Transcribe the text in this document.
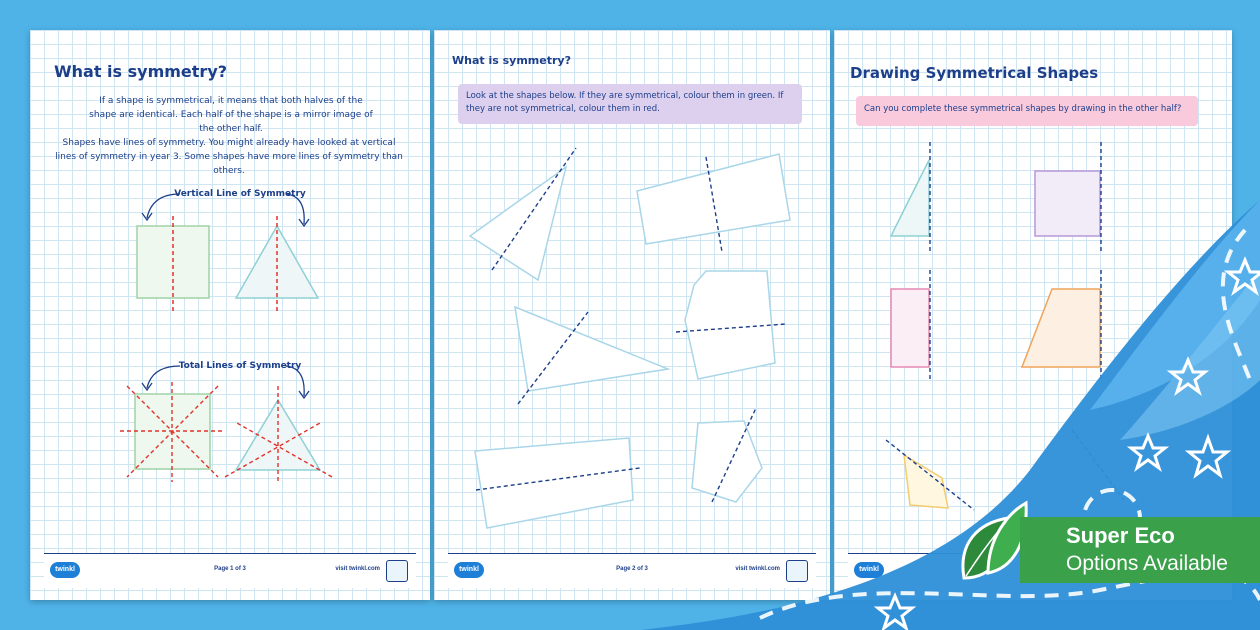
What is symmetry?
If a shape is symmetrical, it means that both halves of the shape are identical. Each half of the shape is a mirror image of the other half.
Shapes have lines of symmetry. You might already have looked at vertical lines of symmetry in year 3. Some shapes have more lines of symmetry than others.
Vertical Line of Symmetry
Total Lines of Symmetry
twinkl	Page 1 of 3	visit twinkl.com
What is symmetry?
Look at the shapes below. If they are symmetrical, colour them in green. If they are not symmetrical, colour them in red.
twinkl	Page 2 of 3	visit twinkl.com
Drawing Symmetrical Shapes
Can you complete these symmetrical shapes by drawing in the other half?
twinkl
Super Eco
Options Available
